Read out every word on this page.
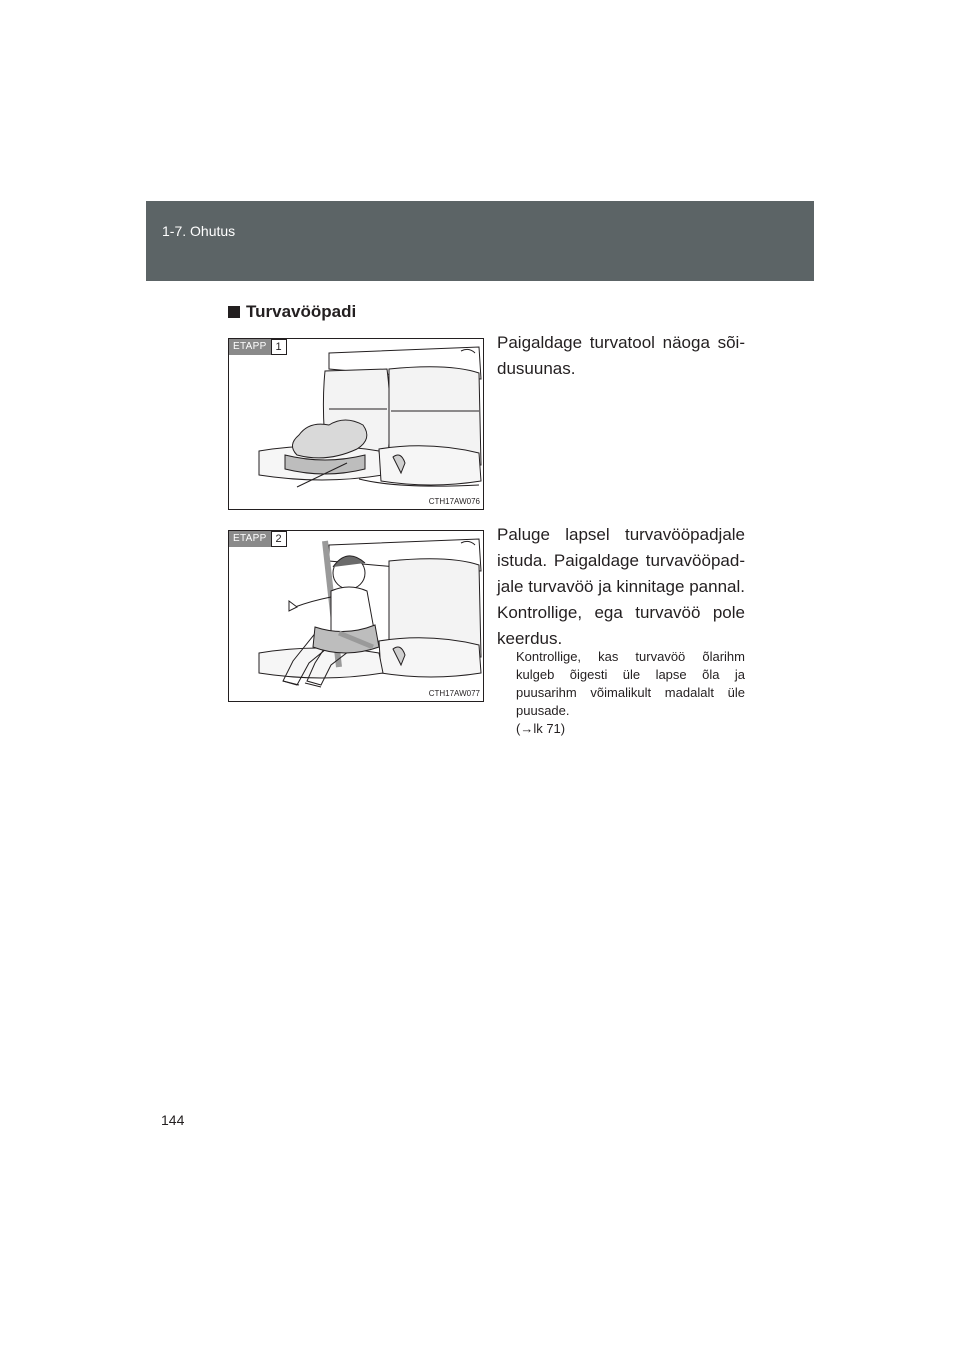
1-7. Ohutus
Turvavööpadi
ETAPP 1
CTH17AW076
Paigaldage turvatool näoga sõidusuunas.
ETAPP 2
CTH17AW077
Paluge lapsel turvavööpadjale istuda. Paigaldage turvavööpadjale turvavöö ja kinnitage pannal. Kontrollige, ega turvavöö pole keerdus.
Kontrollige, kas turvavöö õlarihm kulgeb õigesti üle lapse õla ja puusarihm võimalikult madalalt üle puusade.
(→lk 71)
144
